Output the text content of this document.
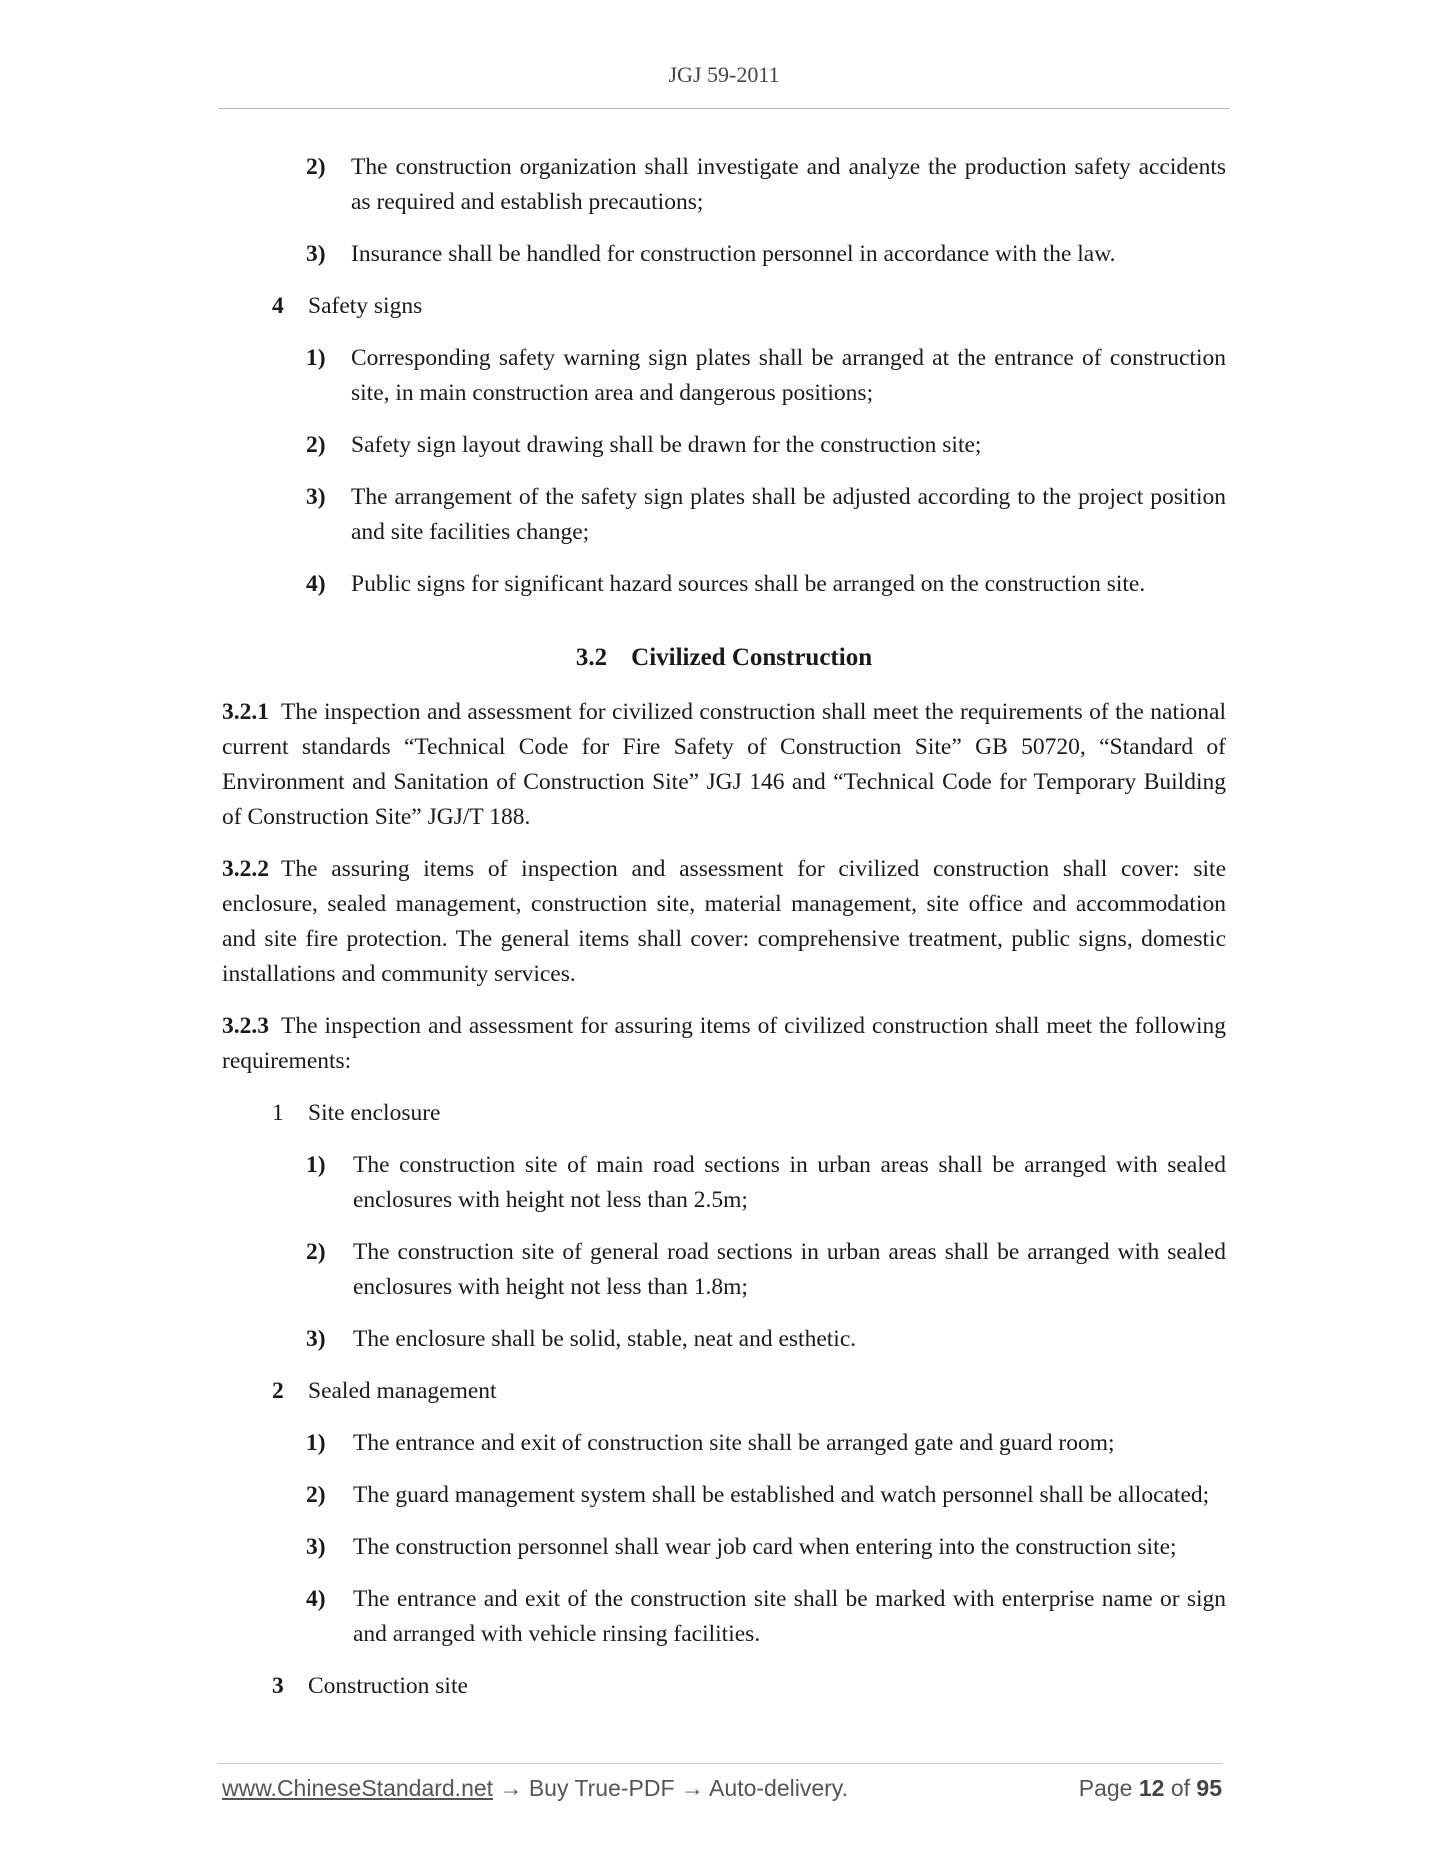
JGJ 59-2011
2) The construction organization shall investigate and analyze the production safety accidents as required and establish precautions;
3) Insurance shall be handled for construction personnel in accordance with the law.
4 Safety signs
1) Corresponding safety warning sign plates shall be arranged at the entrance of construction site, in main construction area and dangerous positions;
2) Safety sign layout drawing shall be drawn for the construction site;
3) The arrangement of the safety sign plates shall be adjusted according to the project position and site facilities change;
4) Public signs for significant hazard sources shall be arranged on the construction site.
3.2 Civilized Construction
3.2.1 The inspection and assessment for civilized construction shall meet the requirements of the national current standards “Technical Code for Fire Safety of Construction Site” GB 50720, “Standard of Environment and Sanitation of Construction Site” JGJ 146 and “Technical Code for Temporary Building of Construction Site” JGJ/T 188.
3.2.2 The assuring items of inspection and assessment for civilized construction shall cover: site enclosure, sealed management, construction site, material management, site office and accommodation and site fire protection. The general items shall cover: comprehensive treatment, public signs, domestic installations and community services.
3.2.3 The inspection and assessment for assuring items of civilized construction shall meet the following requirements:
1 Site enclosure
1) The construction site of main road sections in urban areas shall be arranged with sealed enclosures with height not less than 2.5m;
2) The construction site of general road sections in urban areas shall be arranged with sealed enclosures with height not less than 1.8m;
3) The enclosure shall be solid, stable, neat and esthetic.
2 Sealed management
1) The entrance and exit of construction site shall be arranged gate and guard room;
2) The guard management system shall be established and watch personnel shall be allocated;
3) The construction personnel shall wear job card when entering into the construction site;
4) The entrance and exit of the construction site shall be marked with enterprise name or sign and arranged with vehicle rinsing facilities.
3 Construction site
www.ChineseStandard.net → Buy True-PDF → Auto-delivery.	Page 12 of 95
